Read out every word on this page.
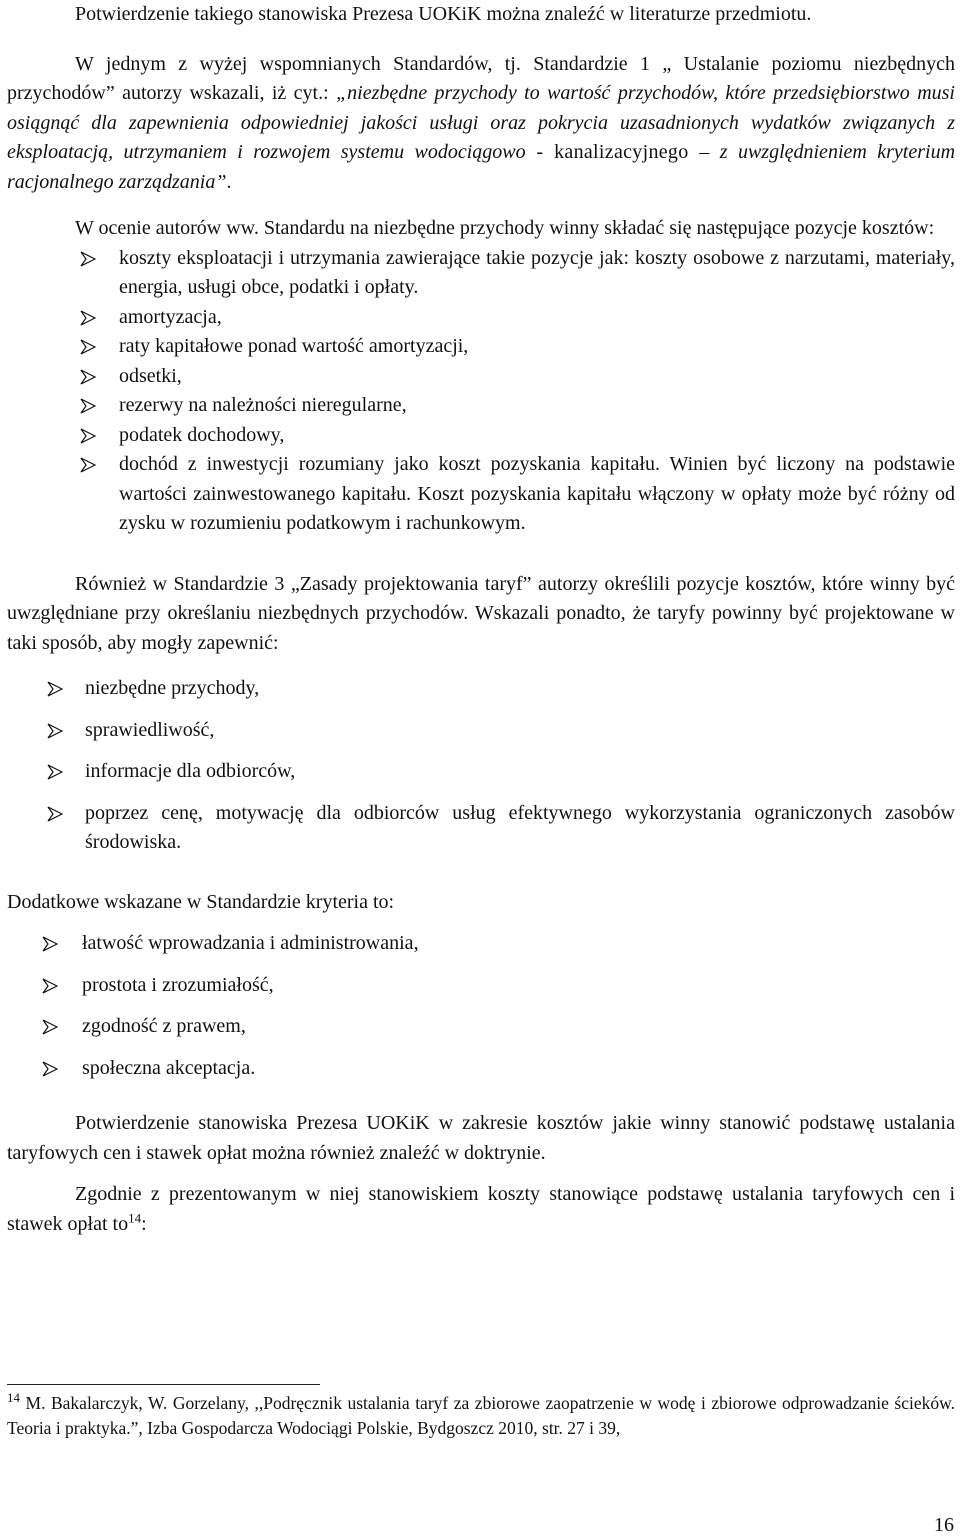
Potwierdzenie takiego stanowiska Prezesa UOKiK można znaleźć w literaturze przedmiotu.

W jednym z wyżej wspomnianych Standardów, tj. Standardzie 1 „ Ustalanie poziomu niezbędnych przychodów” autorzy wskazali, iż cyt.: „niezbędne przychody to wartość przychodów, które przedsiębiorstwo musi osiągnąć dla zapewnienia odpowiedniej jakości usługi oraz pokrycia uzasadnionych wydatków związanych z eksploatacją, utrzymaniem i rozwojem systemu wodociągowo - kanalizacyjnego – z uwzględnieniem kryterium racjonalnego zarządzania”.

W ocenie autorów ww. Standardu na niezbędne przychody winny składać się następujące pozycje kosztów:

koszty eksploatacji i utrzymania zawierające takie pozycje jak: koszty osobowe z narzutami, materiały, energia, usługi obce, podatki i opłaty.
amortyzacja,
raty kapitałowe ponad wartość amortyzacji,
odsetki,
rezerwy na należności nieregularne,
podatek dochodowy,
dochód z inwestycji rozumiany jako koszt pozyskania kapitału. Winien być liczony na podstawie wartości zainwestowanego kapitału. Koszt pozyskania kapitału włączony w opłaty może być różny od zysku w rozumieniu podatkowym i rachunkowym.

Również w Standardzie 3 „Zasady projektowania taryf” autorzy określili pozycje kosztów, które winny być uwzględniane przy określaniu niezbędnych przychodów. Wskazali ponadto, że taryfy powinny być projektowane w taki sposób, aby mogły zapewnić:

niezbędne przychody,
sprawiedliwość,
informacje dla odbiorców,
poprzez cenę, motywację dla odbiorców usług efektywnego wykorzystania ograniczonych zasobów środowiska.

Dodatkowe wskazane w Standardzie kryteria to:

łatwość wprowadzania i administrowania,
prostota i zrozumiałość,
zgodność z prawem,
społeczna akceptacja.

Potwierdzenie stanowiska Prezesa UOKiK w zakresie kosztów jakie winny stanowić podstawę ustalania taryfowych cen i stawek opłat można również znaleźć w doktrynie.

Zgodnie z prezentowanym w niej stanowiskiem koszty stanowiące podstawę ustalania taryfowych cen i stawek opłat $to^{14}$:

$^{14}$ M. Bakalarczyk, W. Gorzelany, ,,Podręcznik ustalania taryf za zbiorowe zaopatrzenie w wodę i zbiorowe odprowadzanie ścieków. Teoria i praktyka.”, Izba Gospodarcza Wodociągi Polskie, Bydgoszcz 2010, str. 27 i 39,
16
